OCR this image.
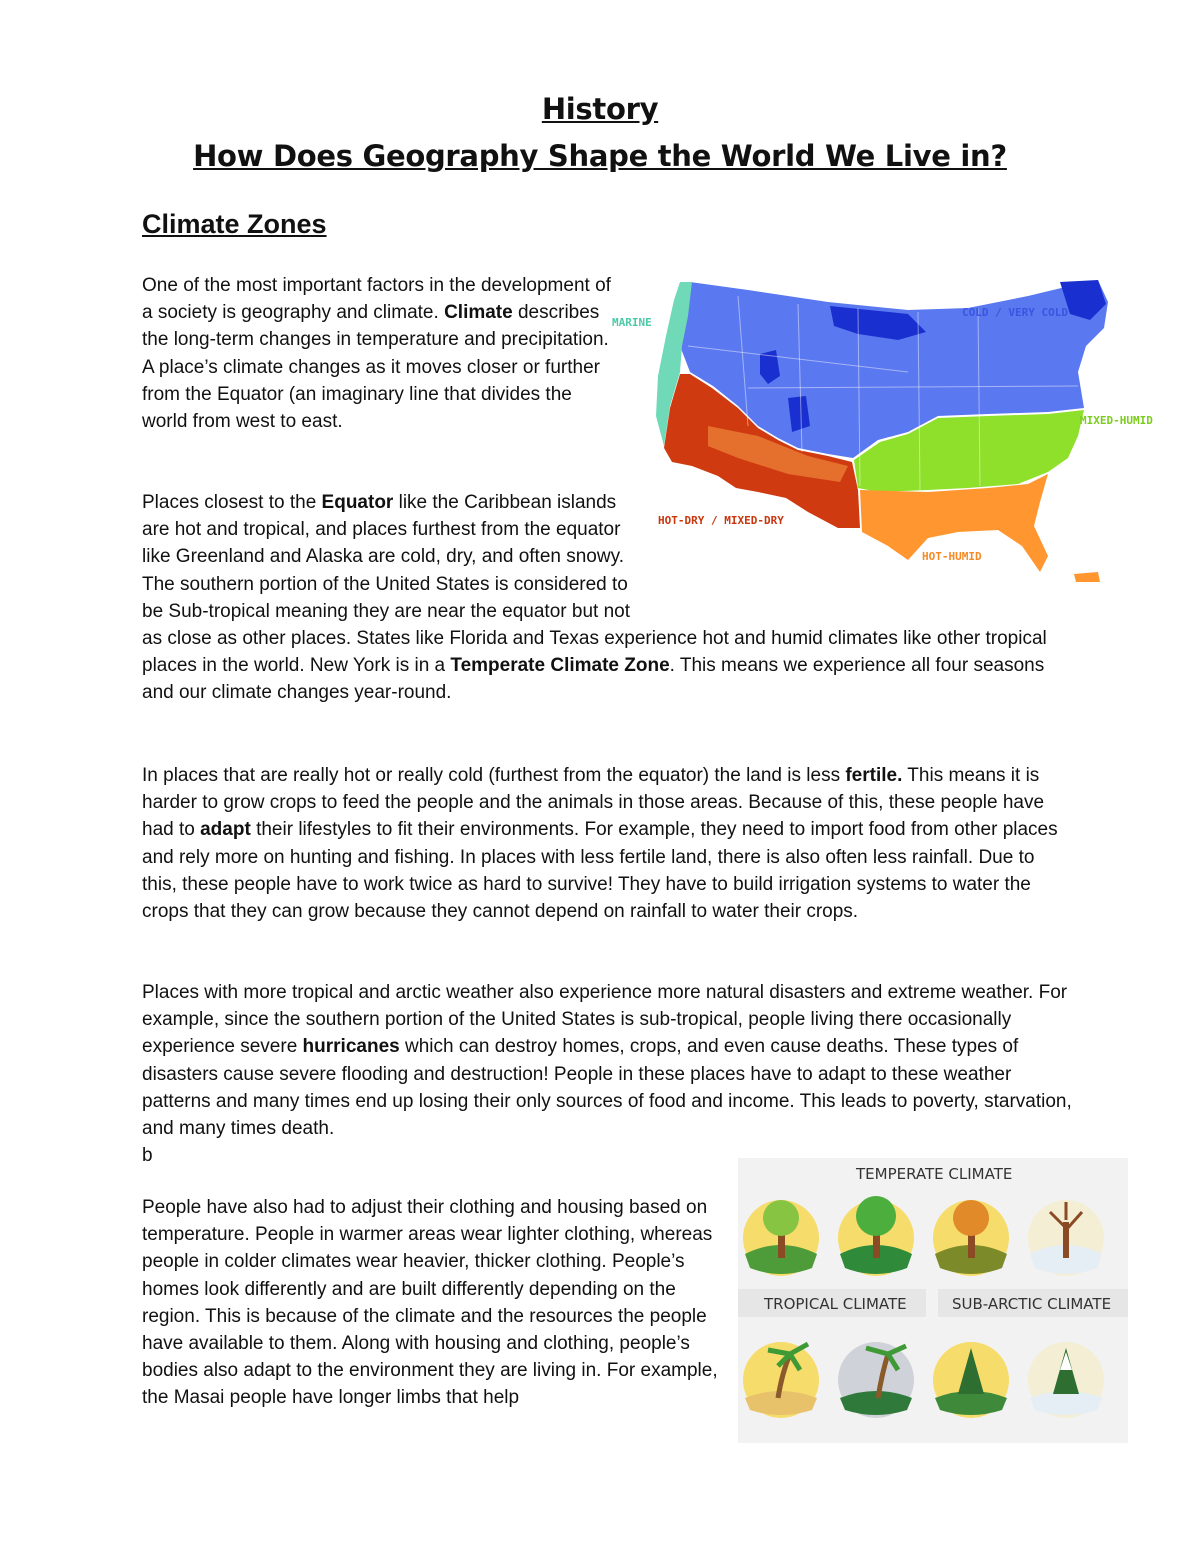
History
How Does Geography Shape the World We Live in?
Climate Zones

One of the most important factors in the development of a society is geography and climate. Climate describes the long-term changes in temperature and precipitation. A place’s climate changes as it moves closer or further from the Equator (an imaginary line that divides the world from west to east.

Places closest to the Equator like the Caribbean islands are hot and tropical, and places furthest from the equator like Greenland and Alaska are cold, dry, and often snowy. The southern portion of the United States is considered to be Sub-tropical meaning they are near the equator but not as close as other places. States like Florida and Texas experience hot and humid climates like other tropical places in the world. New York is in a Temperate Climate Zone. This means we experience all four seasons and our climate changes year-round.

In places that are really hot or really cold (furthest from the equator) the land is less fertile. This means it is harder to grow crops to feed the people and the animals in those areas. Because of this, these people have had to adapt their lifestyles to fit their environments. For example, they need to import food from other places and rely more on hunting and fishing. In places with less fertile land, there is also often less rainfall. Due to this, these people have to work twice as hard to survive! They have to build irrigation systems to water the crops that they can grow because they cannot depend on rainfall to water their crops.

Places with more tropical and arctic weather also experience more natural disasters and extreme weather. For example, since the southern portion of the United States is sub-tropical, people living there occasionally experience severe hurricanes which can destroy homes, crops, and even cause deaths. These types of disasters cause severe flooding and destruction! People in these places have to adapt to these weather patterns and many times end up losing their only sources of food and income. This leads to poverty, starvation, and many times death.
b

People have also had to adjust their clothing and housing based on temperature. People in warmer areas wear lighter clothing, whereas people in colder climates wear heavier, thicker clothing. People’s homes look differently and are built differently depending on the region. This is because of the climate and the resources the people have available to them. Along with housing and clothing, people’s bodies also adapt to the environment they are living in. For example, the Masai people have longer limbs that help

MARINE
COLD / VERY COLD
MIXED-HUMID
HOT-DRY / MIXED-DRY
HOT-HUMID
TEMPERATE CLIMATE
TROPICAL CLIMATE	SUB-ARCTIC CLIMATE
